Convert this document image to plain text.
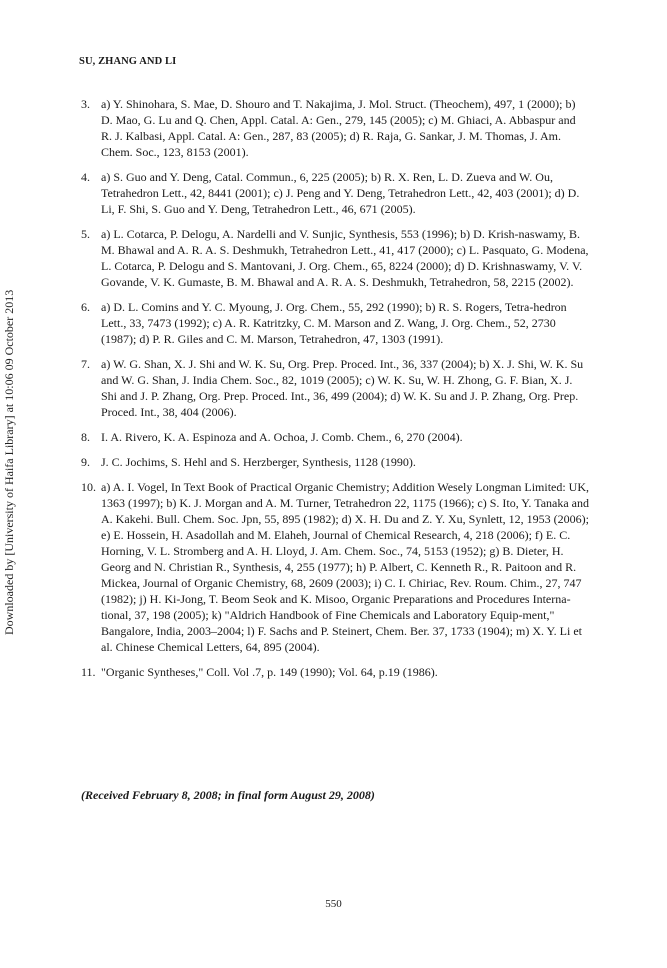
SU, ZHANG AND LI
Downloaded by [University of Haifa Library] at 10:06 09 October 2013
3. a) Y. Shinohara, S. Mae, D. Shouro and T. Nakajima, J. Mol. Struct. (Theochem), 497, 1 (2000); b) D. Mao, G. Lu and Q. Chen, Appl. Catal. A: Gen., 279, 145 (2005); c) M. Ghiaci, A. Abbaspur and R. J. Kalbasi, Appl. Catal. A: Gen., 287, 83 (2005); d) R. Raja, G. Sankar, J. M. Thomas, J. Am. Chem. Soc., 123, 8153 (2001).
4. a) S. Guo and Y. Deng, Catal. Commun., 6, 225 (2005); b) R. X. Ren, L. D. Zueva and W. Ou, Tetrahedron Lett., 42, 8441 (2001); c) J. Peng and Y. Deng, Tetrahedron Lett., 42, 403 (2001); d) D. Li, F. Shi, S. Guo and Y. Deng, Tetrahedron Lett., 46, 671 (2005).
5. a) L. Cotarca, P. Delogu, A. Nardelli and V. Sunjic, Synthesis, 553 (1996); b) D. Krish-naswamy, B. M. Bhawal and A. R. A. S. Deshmukh, Tetrahedron Lett., 41, 417 (2000); c) L. Pasquato, G. Modena, L. Cotarca, P. Delogu and S. Mantovani, J. Org. Chem., 65, 8224 (2000); d) D. Krishnaswamy, V. V. Govande, V. K. Gumaste, B. M. Bhawal and A. R. A. S. Deshmukh, Tetrahedron, 58, 2215 (2002).
6. a) D. L. Comins and Y. C. Myoung, J. Org. Chem., 55, 292 (1990); b) R. S. Rogers, Tetra-hedron Lett., 33, 7473 (1992); c) A. R. Katritzky, C. M. Marson and Z. Wang, J. Org. Chem., 52, 2730 (1987); d) P. R. Giles and C. M. Marson, Tetrahedron, 47, 1303 (1991).
7. a) W. G. Shan, X. J. Shi and W. K. Su, Org. Prep. Proced. Int., 36, 337 (2004); b) X. J. Shi, W. K. Su and W. G. Shan, J. India Chem. Soc., 82, 1019 (2005); c) W. K. Su, W. H. Zhong, G. F. Bian, X. J. Shi and J. P. Zhang, Org. Prep. Proced. Int., 36, 499 (2004); d) W. K. Su and J. P. Zhang, Org. Prep. Proced. Int., 38, 404 (2006).
8. I. A. Rivero, K. A. Espinoza and A. Ochoa, J. Comb. Chem., 6, 270 (2004).
9. J. C. Jochims, S. Hehl and S. Herzberger, Synthesis, 1128 (1990).
10. a) A. I. Vogel, In Text Book of Practical Organic Chemistry; Addition Wesely Longman Limited: UK, 1363 (1997); b) K. J. Morgan and A. M. Turner, Tetrahedron 22, 1175 (1966); c) S. Ito, Y. Tanaka and A. Kakehi. Bull. Chem. Soc. Jpn, 55, 895 (1982); d) X. H. Du and Z. Y. Xu, Synlett, 12, 1953 (2006); e) E. Hossein, H. Asadollah and M. Elaheh, Journal of Chemical Research, 4, 218 (2006); f) E. C. Horning, V. L. Stromberg and A. H. Lloyd, J. Am. Chem. Soc., 74, 5153 (1952); g) B. Dieter, H. Georg and N. Christian R., Synthesis, 4, 255 (1977); h) P. Albert, C. Kenneth R., R. Paitoon and R. Mickea, Journal of Organic Chemistry, 68, 2609 (2003); i) C. I. Chiriac, Rev. Roum. Chim., 27, 747 (1982); j) H. Ki-Jong, T. Beom Seok and K. Misoo, Organic Preparations and Procedures Interna-tional, 37, 198 (2005); k) "Aldrich Handbook of Fine Chemicals and Laboratory Equip-ment," Bangalore, India, 2003–2004; l) F. Sachs and P. Steinert, Chem. Ber. 37, 1733 (1904); m) X. Y. Li et al. Chinese Chemical Letters, 64, 895 (2004).
11. "Organic Syntheses," Coll. Vol .7, p. 149 (1990); Vol. 64, p.19 (1986).
(Received February 8, 2008; in final form August 29, 2008)
550
